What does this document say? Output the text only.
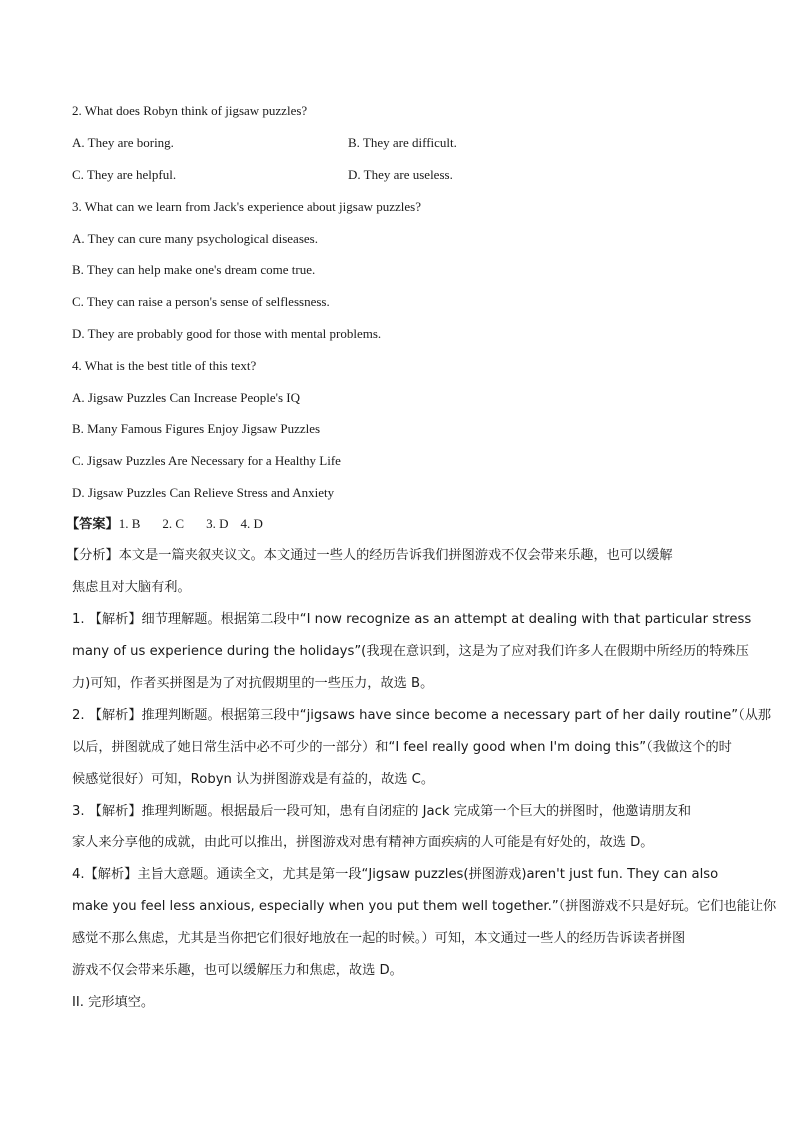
2. What does Robyn think of jigsaw puzzles?
A. They are boring.	B. They are difficult.
C. They are helpful.	D. They are useless.
3. What can we learn from Jack's experience about jigsaw puzzles?
A. They can cure many psychological diseases.
B. They can help make one's dream come true.
C. They can raise a person's sense of selflessness.
D. They are probably good for those with mental problems.
4. What is the best title of this text?
A. Jigsaw Puzzles Can Increase People's IQ
B. Many Famous Figures Enjoy Jigsaw Puzzles
C. Jigsaw Puzzles Are Necessary for a Healthy Life
D. Jigsaw Puzzles Can Relieve Stress and Anxiety
【答案】1. B 2. C 3. D 4. D
【分析】本文是一篇夹叙夹议文。本文通过一些人的经历告诉我们拼图游戏不仅会带来乐趣，也可以缓解
焦虑且对大脑有利。
1. 【解析】细节理解题。根据第二段中“I now recognize as an attempt at dealing with that particular stress
many of us experience during the holidays”(我现在意识到，这是为了应对我们许多人在假期中所经历的特殊压
力)可知，作者买拼图是为了对抗假期里的一些压力，故选 B。
2. 【解析】推理判断题。根据第三段中“jigsaws have since become a necessary part of her daily routine”（从那
以后，拼图就成了她日常生活中必不可少的一部分）和“I feel really good when I'm doing this”（我做这个的时
候感觉很好）可知，Robyn 认为拼图游戏是有益的，故选 C。
3. 【解析】推理判断题。根据最后一段可知，患有自闭症的 Jack 完成第一个巨大的拼图时，他邀请朋友和
家人来分享他的成就，由此可以推出，拼图游戏对患有精神方面疾病的人可能是有好处的，故选 D。
4.【解析】主旨大意题。通读全文，尤其是第一段“Jigsaw puzzles(拼图游戏)aren't just fun. They can also
make you feel less anxious, especially when you put them well together.”（拼图游戏不只是好玩。它们也能让你
感觉不那么焦虑，尤其是当你把它们很好地放在一起的时候。）可知，本文通过一些人的经历告诉读者拼图
游戏不仅会带来乐趣，也可以缓解压力和焦虑，故选 D。
II. 完形填空。
